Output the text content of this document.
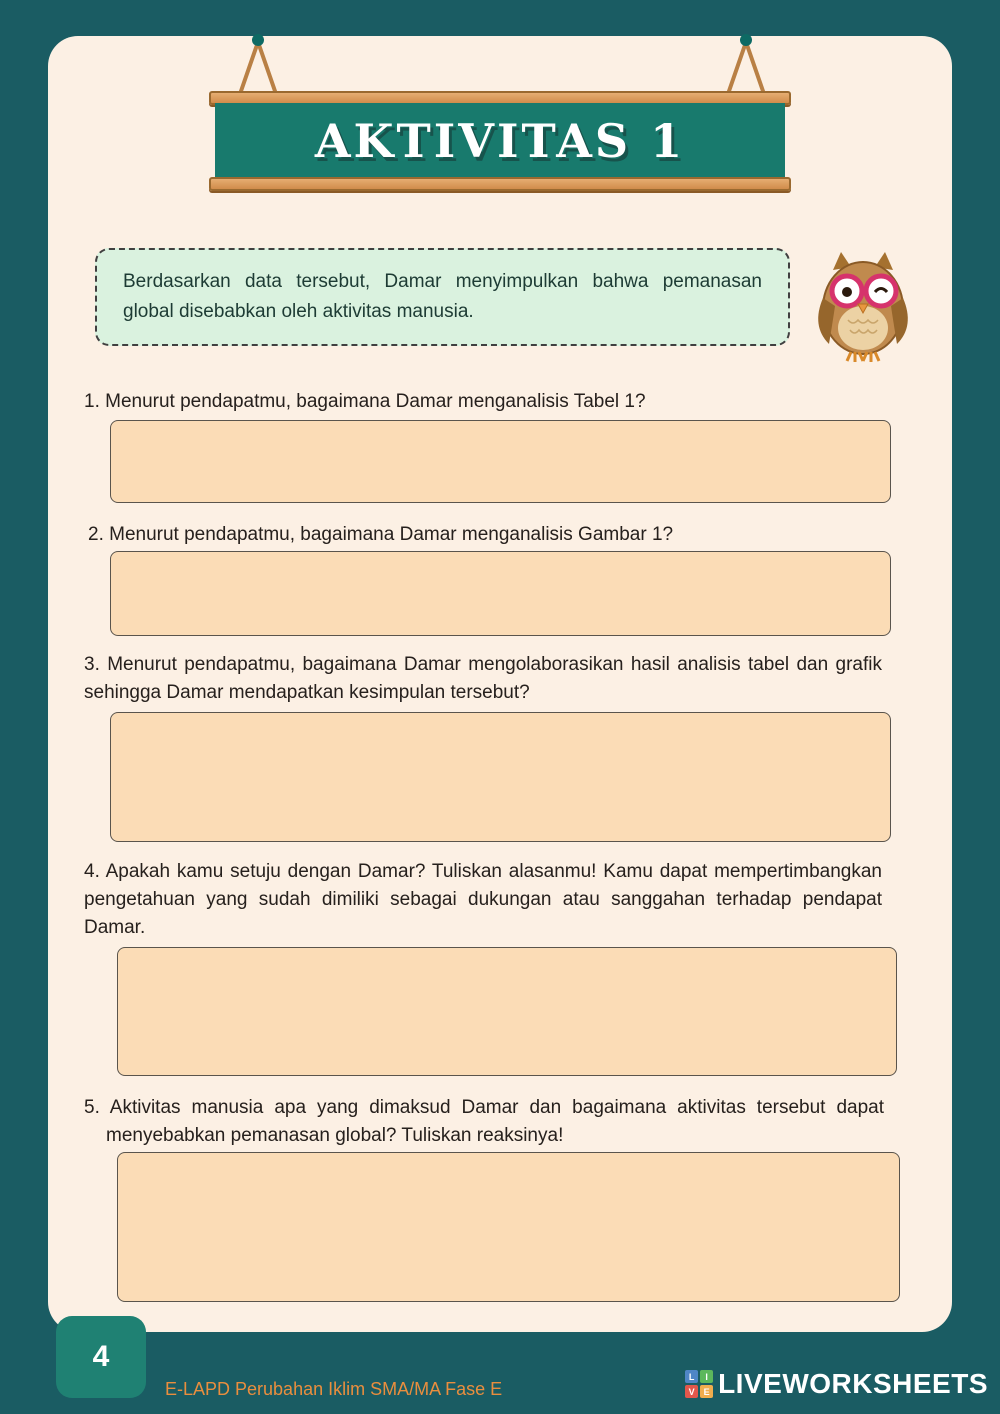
AKTIVITAS 1
Berdasarkan data tersebut, Damar menyimpulkan bahwa pemanasan global disebabkan oleh aktivitas manusia.

1. Menurut pendapatmu, bagaimana Damar menganalisis Tabel 1?

2. Menurut pendapatmu, bagaimana Damar menganalisis Gambar 1?

3. Menurut pendapatmu, bagaimana Damar mengolaborasikan hasil analisis tabel dan grafik sehingga Damar mendapatkan kesimpulan tersebut?

4. Apakah kamu setuju dengan Damar? Tuliskan alasanmu! Kamu dapat mempertimbangkan pengetahuan yang sudah dimiliki sebagai dukungan atau sanggahan terhadap pendapat Damar.

5. Aktivitas manusia apa yang dimaksud Damar dan bagaimana aktivitas tersebut dapat menyebabkan pemanasan global? Tuliskan reaksinya!

4
E-LAPD Perubahan Iklim SMA/MA Fase E
L	I
V E LIVEWORKSHEETS
